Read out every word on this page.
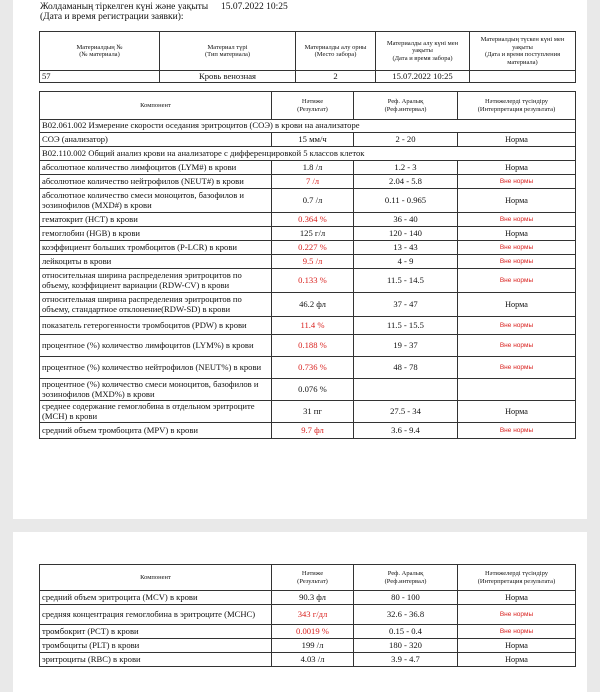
Жолдаманың тіркелген күні және уақыты
(Дата и время регистрации заявки):
15.07.2022 10:25
Материалдың №
(№ материала)	Материал түрі
(Тип материала)	Материалды алу орны
(Место забора)	Материалды алу күні мен уақыты
(Дата и время забора)	Материалдың түскен күні мен уақыты
(Дата и время поступления материала)
57	Кровь венозная	2	15.07.2022 10:25	
Компонент	Нәтиже
(Результат)	Реф. Аралық
(Реф.интервал)	Нәтижелерді түсіндіру
(Интерпретация результата)
B02.061.002 Измерение скорости оседания эритроцитов (СОЭ) в крови на анализаторе			
СОЭ (анализатор)	15 мм/ч	2 - 20	Норма
B02.110.002 Общий анализ крови на анализаторе с дифференцировкой 5 классов клеток			
абсолютное количество лимфоцитов (LYM#) в крови	1.8 /л	1.2 - 3	Норма
абсолютное количество нейтрофилов (NEUT#) в крови	7 /л	2.04 - 5.8	Вне нормы
абсолютное количество смеси моноцитов, базофилов и эозинофилов (MXD#) в крови	0.7 /л	0.11 - 0.965	Норма
гематокрит (HCT) в крови	0.364 %	36 - 40	Вне нормы
гемоглобин (HGB) в крови	125 г/л	120 - 140	Норма
коэффициент больших тромбоцитов (P-LCR) в крови	0.227 %	13 - 43	Вне нормы
лейкоциты в крови	9.5 /л	4 - 9	Вне нормы
относительная ширина распределения эритроцитов по объему, коэффициент вариации (RDW-CV) в крови	0.133 %	11.5 - 14.5	Вне нормы
относительная ширина распределения эритроцитов по объему, стандартное отклонение(RDW-SD) в крови	46.2 фл	37 - 47	Норма
показатель гетерогенности тромбоцитов (PDW) в крови	11.4 %	11.5 - 15.5	Вне нормы
процентное (%) количество лимфоцитов (LYM%) в крови	0.188 %	19 - 37	Вне нормы
процентное (%) количество нейтрофилов (NEUT%) в крови	0.736 %	48 - 78	Вне нормы
процентное (%) количество смеси моноцитов, базофилов и эозинофилов (MXD%) в крови	0.076 %		
среднее содержание гемоглобина в отдельном эритроците (MCH) в крови	31 пг	27.5 - 34	Норма
средний объем тромбоцита (MPV) в крови	9.7 фл	3.6 - 9.4	Вне нормы
Компонент	Нәтиже
(Результат)	Реф. Аралық
(Реф.интервал)	Нәтижелерді түсіндіру
(Интерпретация результата)
средний объем эритроцита (MCV) в крови	90.3 фл	80 - 100	Норма
средняя концентрация гемоглобина в эритроците (MCHC)	343 г/дл	32.6 - 36.8	Вне нормы
тромбокрит (PCT) в крови	0.0019 %	0.15 - 0.4	Вне нормы
тромбоциты (PLT) в крови	199 /л	180 - 320	Норма
эритроциты (RBC) в крови	4.03 /л	3.9 - 4.7	Норма
